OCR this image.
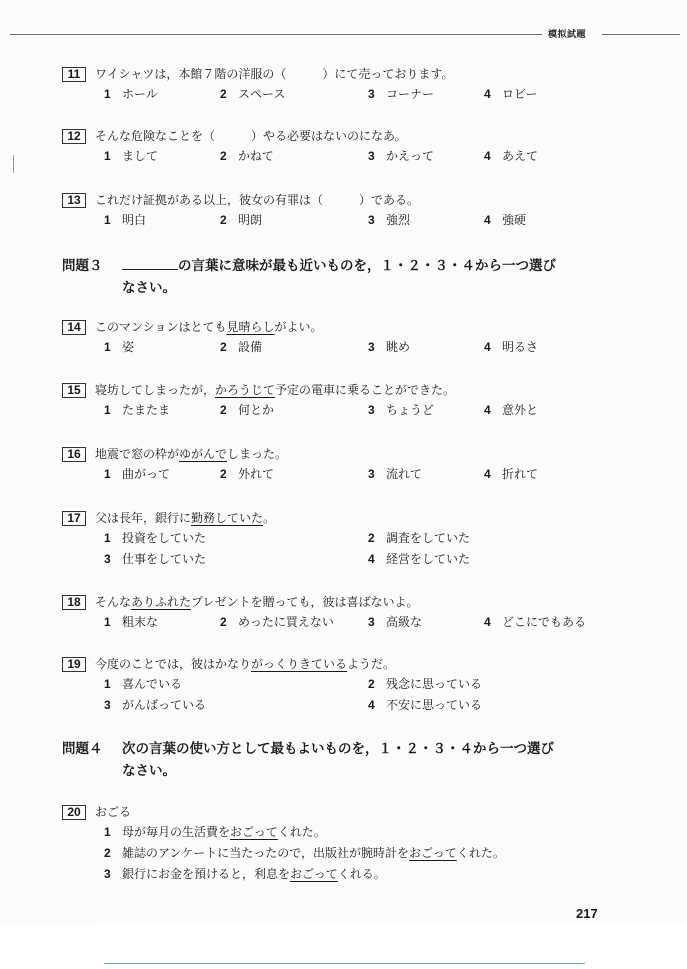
模拟試題
11	ワイシャツは，本館７階の洋服の（　　　）にて売っております。
1 ホール	2 スペース	3 コーナー	4 ロビー
12	そんな危険なことを（　　　）やる必要はないのになあ。
1 まして	2 かねて	3 かえって	4 あえて
13	これだけ証拠がある以上，彼女の有罪は（　　　）である。
1 明白	2 明朗	3 強烈	4 強硬
問題３	の言葉に意味が最も近いものを，１・２・３・４から一つ選び
なさい。
14	このマンションはとても見晴らしがよい。
1 姿	2 設備	3 眺め	4 明るさ
15	寝坊してしまったが，かろうじて予定の電車に乗ることができた。
1 たまたま	2 何とか	3 ちょうど	4 意外と
16	地震で窓の枠がゆがんでしまった。
1 曲がって	2 外れて	3 流れて	4 折れて
17	父は長年，銀行に勤務していた。
1 投資をしていた	2 調査をしていた
3 仕事をしていた	4 経営をしていた
18	そんなありふれたプレゼントを贈っても，彼は喜ばないよ。
1 粗末な	2 めったに買えない	3 高級な	4 どこにでもある
19	今度のことでは，彼はかなりがっくりきているようだ。
1 喜んでいる	2 残念に思っている
3 がんばっている	4 不安に思っている
問題４ 次の言葉の使い方として最もよいものを，１・２・３・４から一つ選び
なさい。
20	おごる
1 母が毎月の生活費をおごってくれた。
2 雑誌のアンケートに当たったので，出版社が腕時計をおごってくれた。
3 銀行にお金を預けると，利息をおごってくれる。
217
